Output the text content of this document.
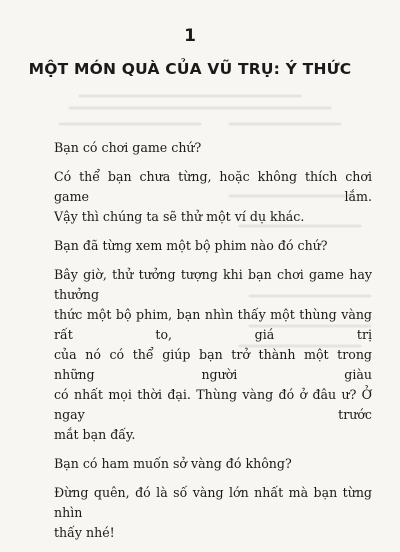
1
MỘT MÓN QUÀ CỦA VŨ TRỤ: Ý THỨC

Bạn có chơi game chứ?

Có thể bạn chưa từng, hoặc không thích chơi game lắm.
Vậy thì chúng ta sẽ thử một ví dụ khác.

Bạn đã từng xem một bộ phim nào đó chứ?

Bây giờ, thử tưởng tượng khi bạn chơi game hay thưởng
thức một bộ phim, bạn nhìn thấy một thùng vàng rất to, giá trị
của nó có thể giúp bạn trở thành một trong những người giàu
có nhất mọi thời đại. Thùng vàng đó ở đâu ư? Ở ngay trước
mắt bạn đấy.

Bạn có ham muốn sở vàng đó không?

Đừng quên, đó là số vàng lớn nhất mà bạn từng nhìn
thấy nhé!
